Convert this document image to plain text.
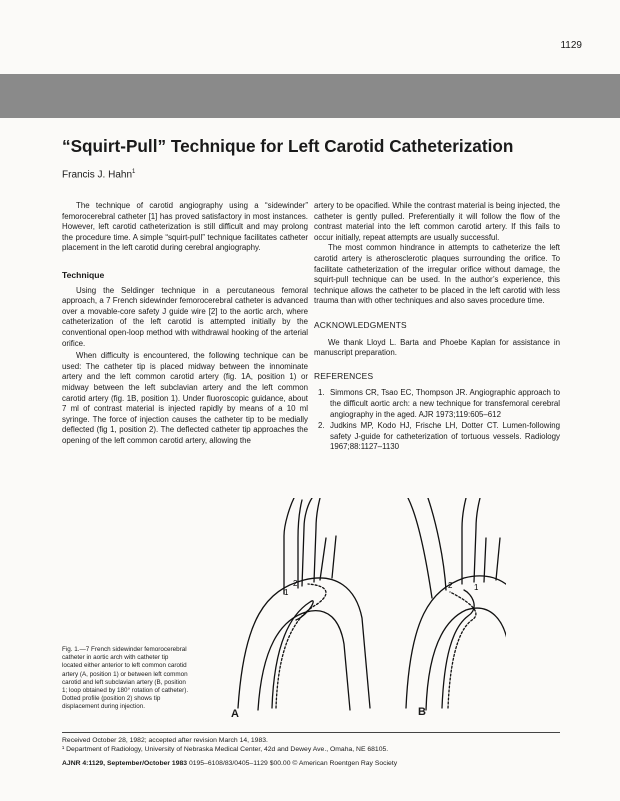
1129
“Squirt-Pull” Technique for Left Carotid Catheterization
Francis J. Hahn$^1$

The technique of carotid angiography using a “sidewinder” femorocerebral catheter [1] has proved satisfactory in most instances. However, left carotid catheterization is still difficult and may prolong the procedure time. A simple “squirt-pull” technique facilitates catheter placement in the left carotid during cerebral angiography.

Technique

Using the Seldinger technique in a percutaneous femoral approach, a 7 French sidewinder femorocerebral catheter is advanced over a movable-core safety J guide wire [2] to the aortic arch, where catheterization of the left carotid is attempted initially by the conventional open-loop method with withdrawal hooking of the arterial orifice.

When difficulty is encountered, the following technique can be used: The catheter tip is placed midway between the innominate artery and the left common carotid artery (fig. 1A, position 1) or midway between the left subclavian artery and the left common carotid artery (fig. 1B, position 1). Under fluoroscopic guidance, about 7 ml of contrast material is injected rapidly by means of a 10 ml syringe. The force of injection causes the catheter tip to be medially deflected (fig 1, position 2). The deflected catheter tip approaches the opening of the left common carotid artery, allowing the

artery to be opacified. While the contrast material is being injected, the catheter is gently pulled. Preferentially it will follow the flow of the contrast material into the left common carotid artery. If this fails to occur initially, repeat attempts are usually successful.

The most common hindrance in attempts to catheterize the left carotid artery is atherosclerotic plaques surrounding the orifice. To facilitate catheterization of the irregular orifice without damage, the squirt-pull technique can be used. In the author’s experience, this technique allows the catheter to be placed in the left carotid with less trauma than with other techniques and also saves procedure time.

ACKNOWLEDGMENTS

We thank Lloyd L. Barta and Phoebe Kaplan for assistance in manuscript preparation.

REFERENCES
1. Simmons CR, Tsao EC, Thompson JR. Angiographic approach to the difficult aortic arch: a new technique for transfemoral cerebral angiography in the aged. AJR 1973;119:605–612
2. Judkins MP, Kodo HJ, Frische LH, Dotter CT. Lumen-following safety J-guide for catheterization of tortuous vessels. Radiology 1967;88:1127–1130
1
2	2	1
Fig. 1.—7 French sidewinder femorocerebral catheter in aortic arch with catheter tip located either anterior to left common carotid artery (A, position 1) or between left common carotid and left subclavian artery (B, position 1; loop obtained by 180° rotation of catheter). Dotted profile (position 2) shows tip displacement during injection.
A	B
Received October 28, 1982; accepted after revision March 14, 1983.
¹ Department of Radiology, University of Nebraska Medical Center, 42d and Dewey Ave., Omaha, NE 68105.
AJNR 4:1129, September/October 1983 0195–6108/83/0405–1129 $00.00 © American Roentgen Ray Society
